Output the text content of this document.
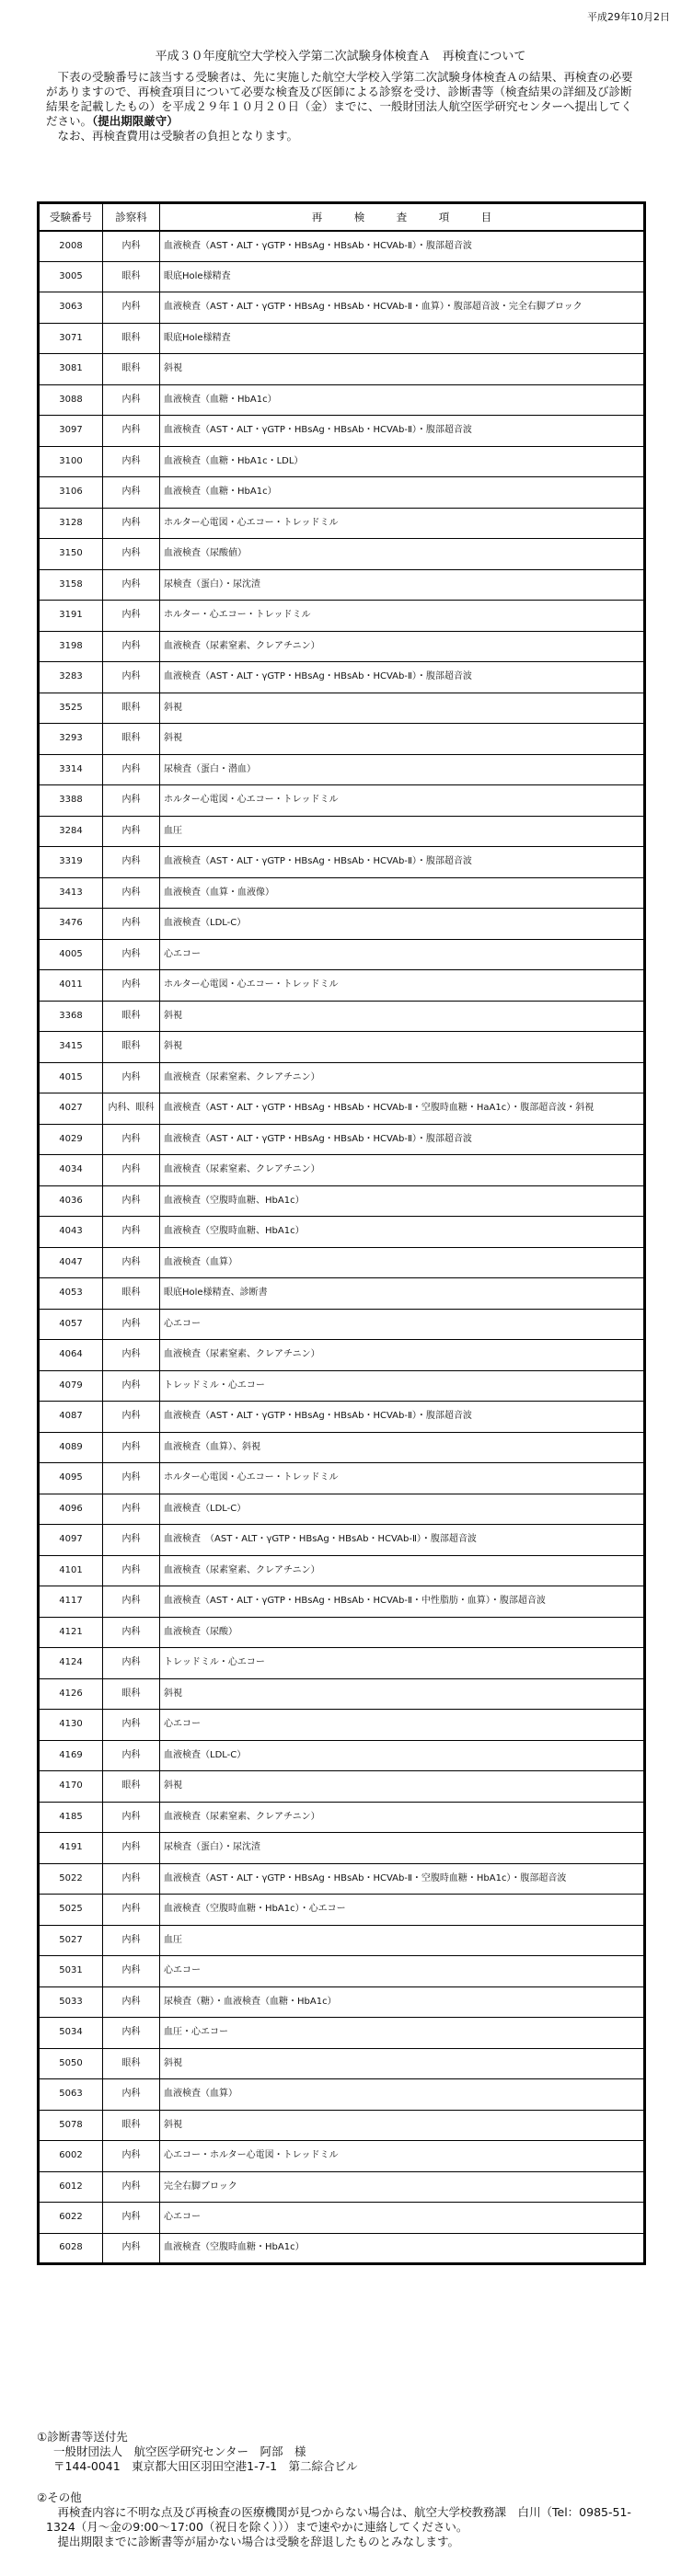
平成29年10月2日
平成３０年度航空大学校入学第二次試験身体検査Ａ　再検査について

下表の受験番号に該当する受験者は、先に実施した航空大学校入学第二次試験身体検査Ａの結果、再検査の必要がありますので、再検査項目について必要な検査及び医師による診察を受け、診断書等（検査結果の詳細及び診断結果を記載したもの）を平成２９年１０月２０日（金）までに、一般財団法人航空医学研究センターへ提出してください。（提出期限厳守）

なお、再検査費用は受験者の負担となります。

受験番号	診察科	再　　　検　　　査　　　項　　　目
2008	内科	血液検査（AST・ALT・γGTP・HBsAg・HBsAb・HCVAb-Ⅱ）・腹部超音波
3005	眼科	眼底Hole様精査
3063	内科	血液検査（AST・ALT・γGTP・HBsAg・HBsAb・HCVAb-Ⅱ・血算）・腹部超音波・完全右脚ブロック
3071	眼科	眼底Hole様精査
3081	眼科	斜視
3088	内科	血液検査（血糖・HbA1c）
3097	内科	血液検査（AST・ALT・γGTP・HBsAg・HBsAb・HCVAb-Ⅱ）・腹部超音波
3100	内科	血液検査（血糖・HbA1c・LDL）
3106	内科	血液検査（血糖・HbA1c）
3128	内科	ホルター心電図・心エコー・トレッドミル
3150	内科	血液検査（尿酸値）
3158	内科	尿検査（蛋白）・尿沈渣
3191	内科	ホルター・心エコー・トレッドミル
3198	内科	血液検査（尿素窒素、クレアチニン）
3283	内科	血液検査（AST・ALT・γGTP・HBsAg・HBsAb・HCVAb-Ⅱ）・腹部超音波
3525	眼科	斜視
3293	眼科	斜視
3314	内科	尿検査（蛋白・潜血）
3388	内科	ホルター心電図・心エコー・トレッドミル
3284	内科	血圧
3319	内科	血液検査（AST・ALT・γGTP・HBsAg・HBsAb・HCVAb-Ⅱ）・腹部超音波
3413	内科	血液検査（血算・血液像）
3476	内科	血液検査（LDL-C）
4005	内科	心エコー
4011	内科	ホルター心電図・心エコー・トレッドミル
3368	眼科	斜視
3415	眼科	斜視
4015	内科	血液検査（尿素窒素、クレアチニン）
4027	内科、眼科	血液検査（AST・ALT・γGTP・HBsAg・HBsAb・HCVAb-Ⅱ・空腹時血糖・HaA1c）・腹部超音波・斜視
4029	内科	血液検査（AST・ALT・γGTP・HBsAg・HBsAb・HCVAb-Ⅱ）・腹部超音波
4034	内科	血液検査（尿素窒素、クレアチニン）
4036	内科	血液検査（空腹時血糖、HbA1c）
4043	内科	血液検査（空腹時血糖、HbA1c）
4047	内科	血液検査（血算）
4053	眼科	眼底Hole様精査、診断書
4057	内科	心エコー
4064	内科	血液検査（尿素窒素、クレアチニン）
4079	内科	トレッドミル・心エコー
4087	内科	血液検査（AST・ALT・γGTP・HBsAg・HBsAb・HCVAb-Ⅱ）・腹部超音波
4089	内科	血液検査（血算）、斜視
4095	内科	ホルター心電図・心エコー・トレッドミル
4096	内科	血液検査（LDL-C）
4097	内科	血液検査　（AST・ALT・γGTP・HBsAg・HBsAb・HCVAb-Ⅱ）・腹部超音波
4101	内科	血液検査（尿素窒素、クレアチニン）
4117	内科	血液検査（AST・ALT・γGTP・HBsAg・HBsAb・HCVAb-Ⅱ・中性脂肪・血算）・腹部超音波
4121	内科	血液検査（尿酸）
4124	内科	トレッドミル・心エコー
4126	眼科	斜視
4130	内科	心エコー
4169	内科	血液検査（LDL-C）
4170	眼科	斜視
4185	内科	血液検査（尿素窒素、クレアチニン）
4191	内科	尿検査（蛋白）・尿沈渣
5022	内科	血液検査（AST・ALT・γGTP・HBsAg・HBsAb・HCVAb-Ⅱ・空腹時血糖・HbA1c）・腹部超音波
5025	内科	血液検査（空腹時血糖・HbA1c）・心エコー
5027	内科	血圧
5031	内科	心エコー
5033	内科	尿検査（糖）・血液検査（血糖・HbA1c）
5034	内科	血圧・心エコー
5050	眼科	斜視
5063	内科	血液検査（血算）
5078	眼科	斜視
6002	内科	心エコー・ホルター心電図・トレッドミル
6012	内科	完全右脚ブロック
6022	内科	心エコー
6028	内科	血液検査（空腹時血糖・HbA1c）

①診断書等送付先

一般財団法人　航空医学研究センター　阿部　様

〒144-0041　東京都大田区羽田空港1-7-1　第二綜合ビル

②その他

再検査内容に不明な点及び再検査の医療機関が見つからない場合は、航空大学校教務課　白川（Tel：0985-51-1324（月～金の9:00～17:00（祝日を除く）））まで速やかに連絡してください。

提出期限までに診断書等が届かない場合は受験を辞退したものとみなします。
